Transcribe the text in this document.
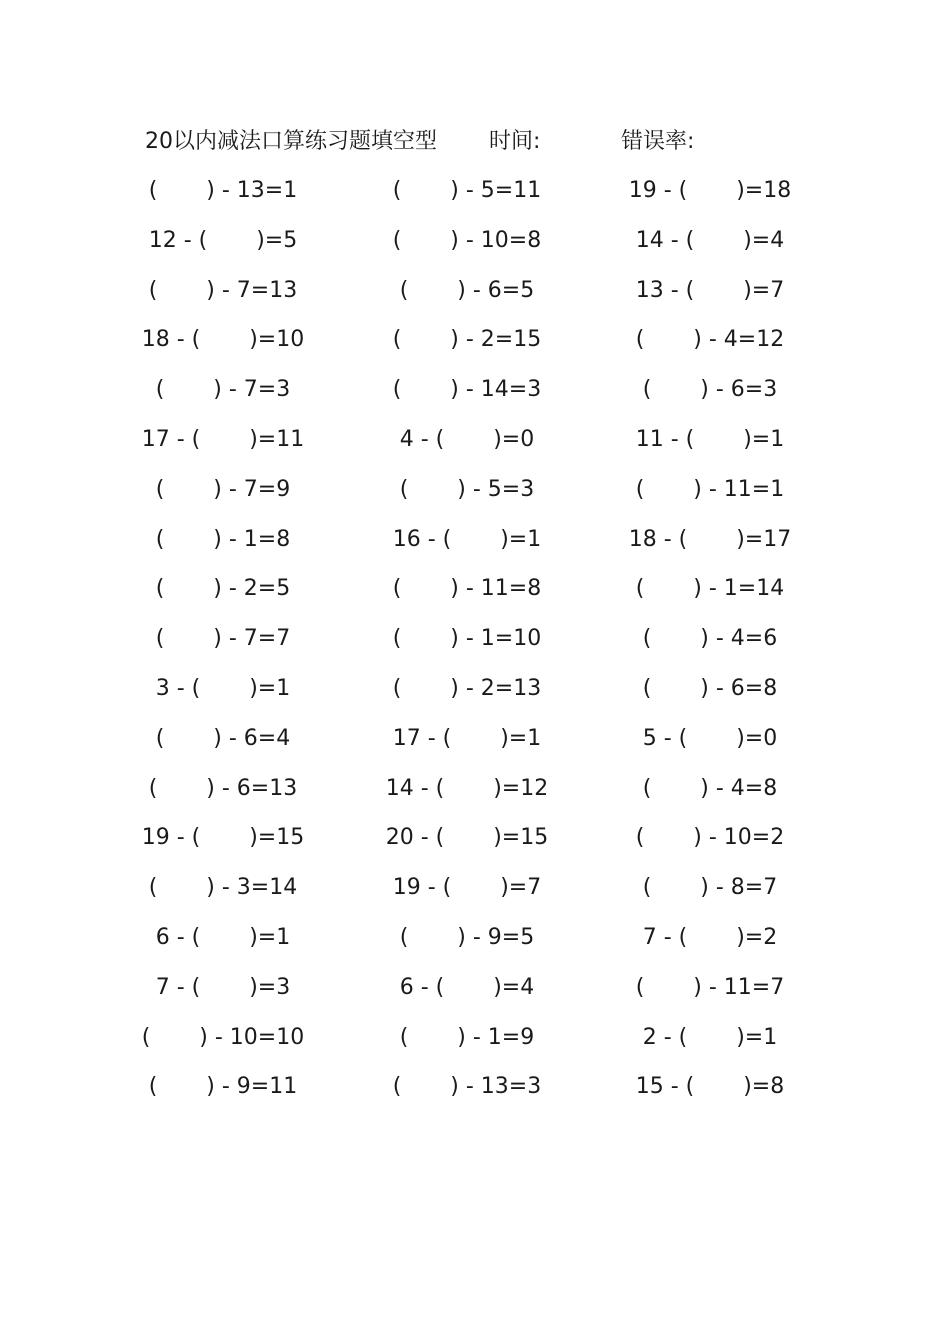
20以内减法口算练习题填空型 时间:	错误率:
(       ) - 13=1	(       ) - 5=11	19 - (       )=18
12 - (       )=5	(       ) - 10=8	14 - (       )=4
(       ) - 7=13	(       ) - 6=5	13 - (       )=7
18 - (       )=10	(       ) - 2=15	(       ) - 4=12
(       ) - 7=3	(       ) - 14=3	(       ) - 6=3
17 - (       )=11	4 - (       )=0	11 - (       )=1
(       ) - 7=9	(       ) - 5=3	(       ) - 11=1
(       ) - 1=8	16 - (       )=1	18 - (       )=17
(       ) - 2=5	(       ) - 11=8	(       ) - 1=14
(       ) - 7=7	(       ) - 1=10	(       ) - 4=6
3 - (       )=1	(       ) - 2=13	(       ) - 6=8
(       ) - 6=4	17 - (       )=1	5 - (       )=0
(       ) - 6=13	14 - (       )=12	(       ) - 4=8
19 - (       )=15	20 - (       )=15	(       ) - 10=2
(       ) - 3=14	19 - (       )=7	(       ) - 8=7
6 - (       )=1	(       ) - 9=5	7 - (       )=2
7 - (       )=3	6 - (       )=4	(       ) - 11=7
(       ) - 10=10	(       ) - 1=9	2 - (       )=1
(       ) - 9=11	(       ) - 13=3	15 - (       )=8
